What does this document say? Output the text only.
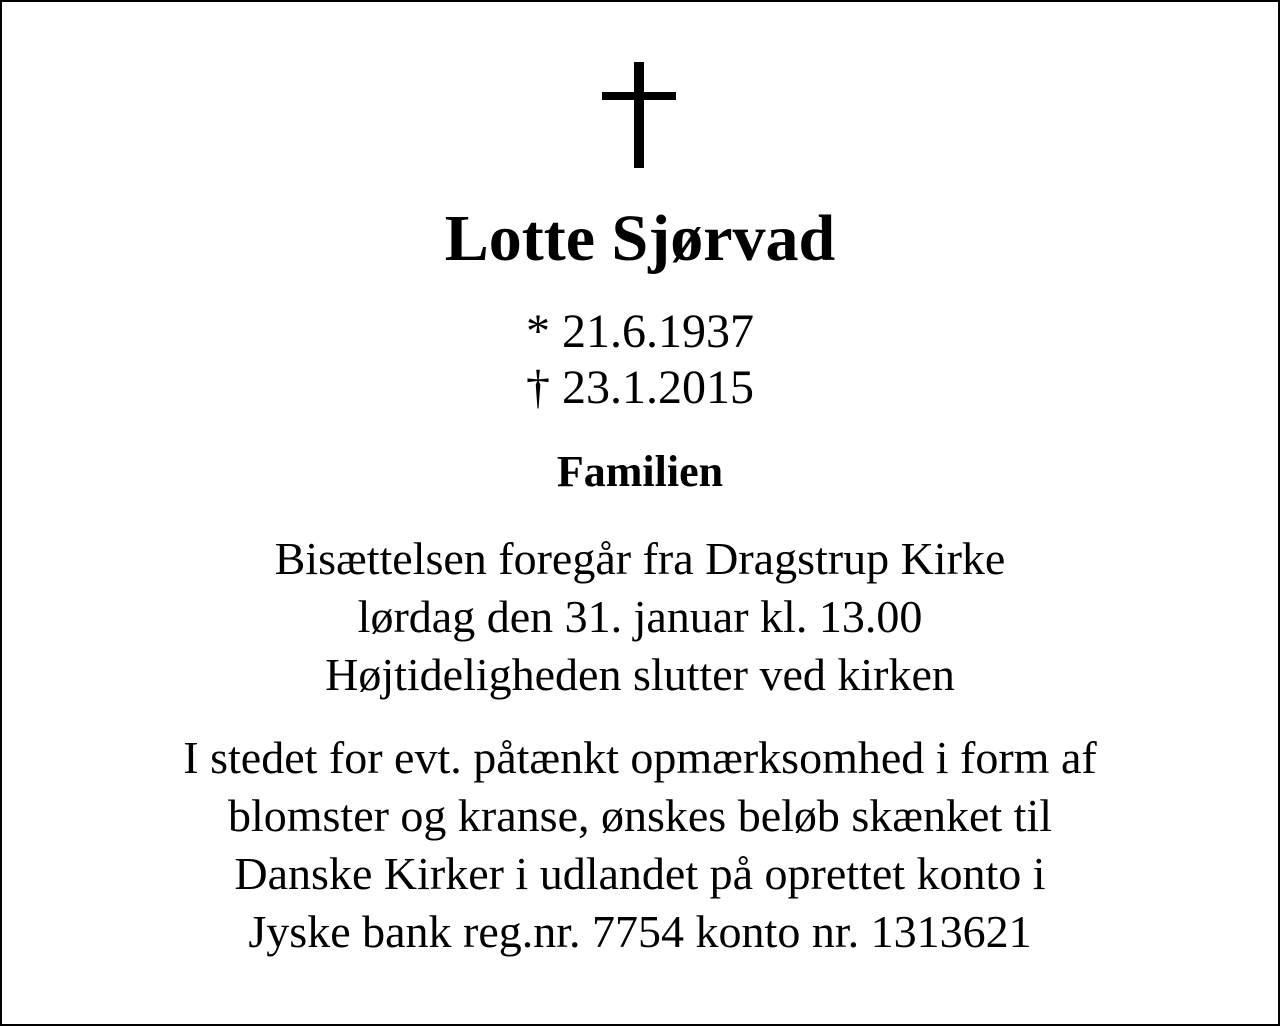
Lotte Sjørvad
* 21.6.1937
† 23.1.2015
Familien
Bisættelsen foregår fra Dragstrup Kirke
lørdag den 31. januar kl. 13.00
Højtideligheden slutter ved kirken
I stedet for evt. påtænkt opmærksomhed i form af
blomster og kranse, ønskes beløb skænket til
Danske Kirker i udlandet på oprettet konto i
Jyske bank reg.nr. 7754 konto nr. 1313621
